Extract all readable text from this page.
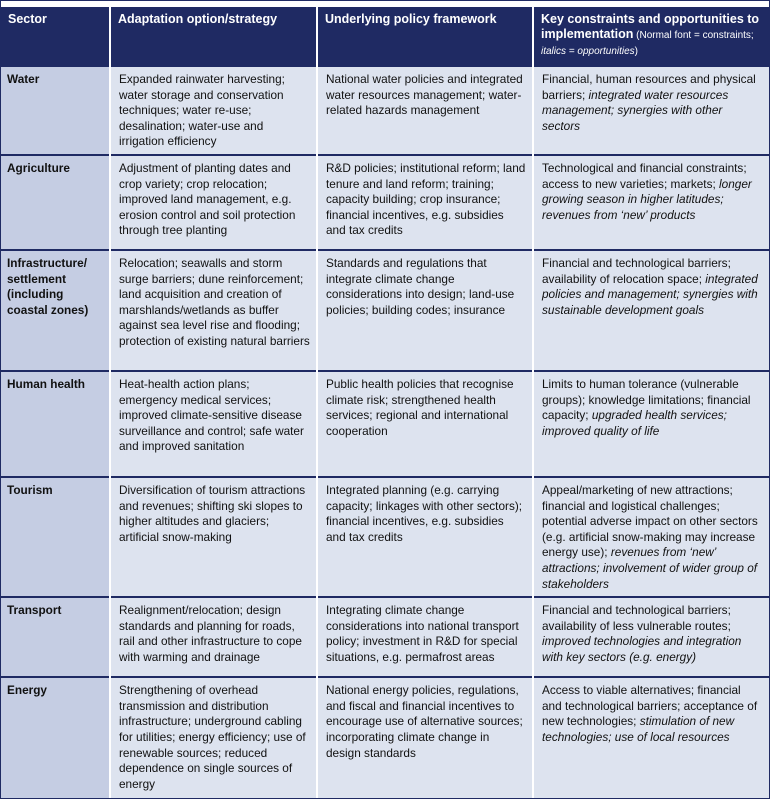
Sector	Adaptation option/strategy	Underlying policy framework	Key constraints and opportunities to implementation (Normal font = constraints; italics = opportunities)
Water	Expanded rainwater harvesting; water storage and conservation techniques; water re-use; desalination; water-use and irrigation efficiency	National water policies and integrated water resources management; water-related hazards management	Financial, human resources and physical barriers; integrated water resources management; synergies with other sectors
Agriculture	Adjustment of planting dates and crop variety; crop relocation; improved land management, e.g. erosion control and soil protection through tree planting	R&D policies; institutional reform; land tenure and land reform; training; capacity building; crop insurance; financial incentives, e.g. subsidies and tax credits	Technological and financial constraints; access to new varieties; markets; longer growing season in higher latitudes; revenues from ‘new’ products
Infrastructure/ settlement (including coastal zones)	Relocation; seawalls and storm surge barriers; dune reinforcement; land acquisition and creation of marshlands/wetlands as buffer against sea level rise and flooding; protection of existing natural barriers	Standards and regulations that integrate climate change considerations into design; land-use policies; building codes; insurance	Financial and technological barriers; availability of relocation space; integrated policies and management; synergies with sustainable development goals
Human health	Heat-health action plans; emergency medical services; improved climate-sensitive disease surveillance and control; safe water and improved sanitation	Public health policies that recognise climate risk; strengthened health services; regional and international cooperation	Limits to human tolerance (vulnerable groups); knowledge limitations; financial capacity; upgraded health services; improved quality of life
Tourism	Diversification of tourism attractions and revenues; shifting ski slopes to higher altitudes and glaciers; artificial snow-making	Integrated planning (e.g. carrying capacity; linkages with other sectors); financial incentives, e.g. subsidies and tax credits	Appeal/marketing of new attractions; financial and logistical challenges; potential adverse impact on other sectors (e.g. artificial snow-making may increase energy use); revenues from ‘new’ attractions; involvement of wider group of stakeholders
Transport	Realignment/relocation; design standards and planning for roads, rail and other infrastructure to cope with warming and drainage	Integrating climate change considerations into national transport policy; investment in R&D for special situations, e.g. permafrost areas	Financial and technological barriers; availability of less vulnerable routes; improved technologies and integration with key sectors (e.g. energy)
Energy	Strengthening of overhead transmission and distribution infrastructure; underground cabling for utilities; energy efficiency; use of renewable sources; reduced dependence on single sources of energy	National energy policies, regulations, and fiscal and financial incentives to encourage use of alternative sources; incorporating climate change in design standards	Access to viable alternatives; financial and technological barriers; acceptance of new technologies; stimulation of new technologies; use of local resources
